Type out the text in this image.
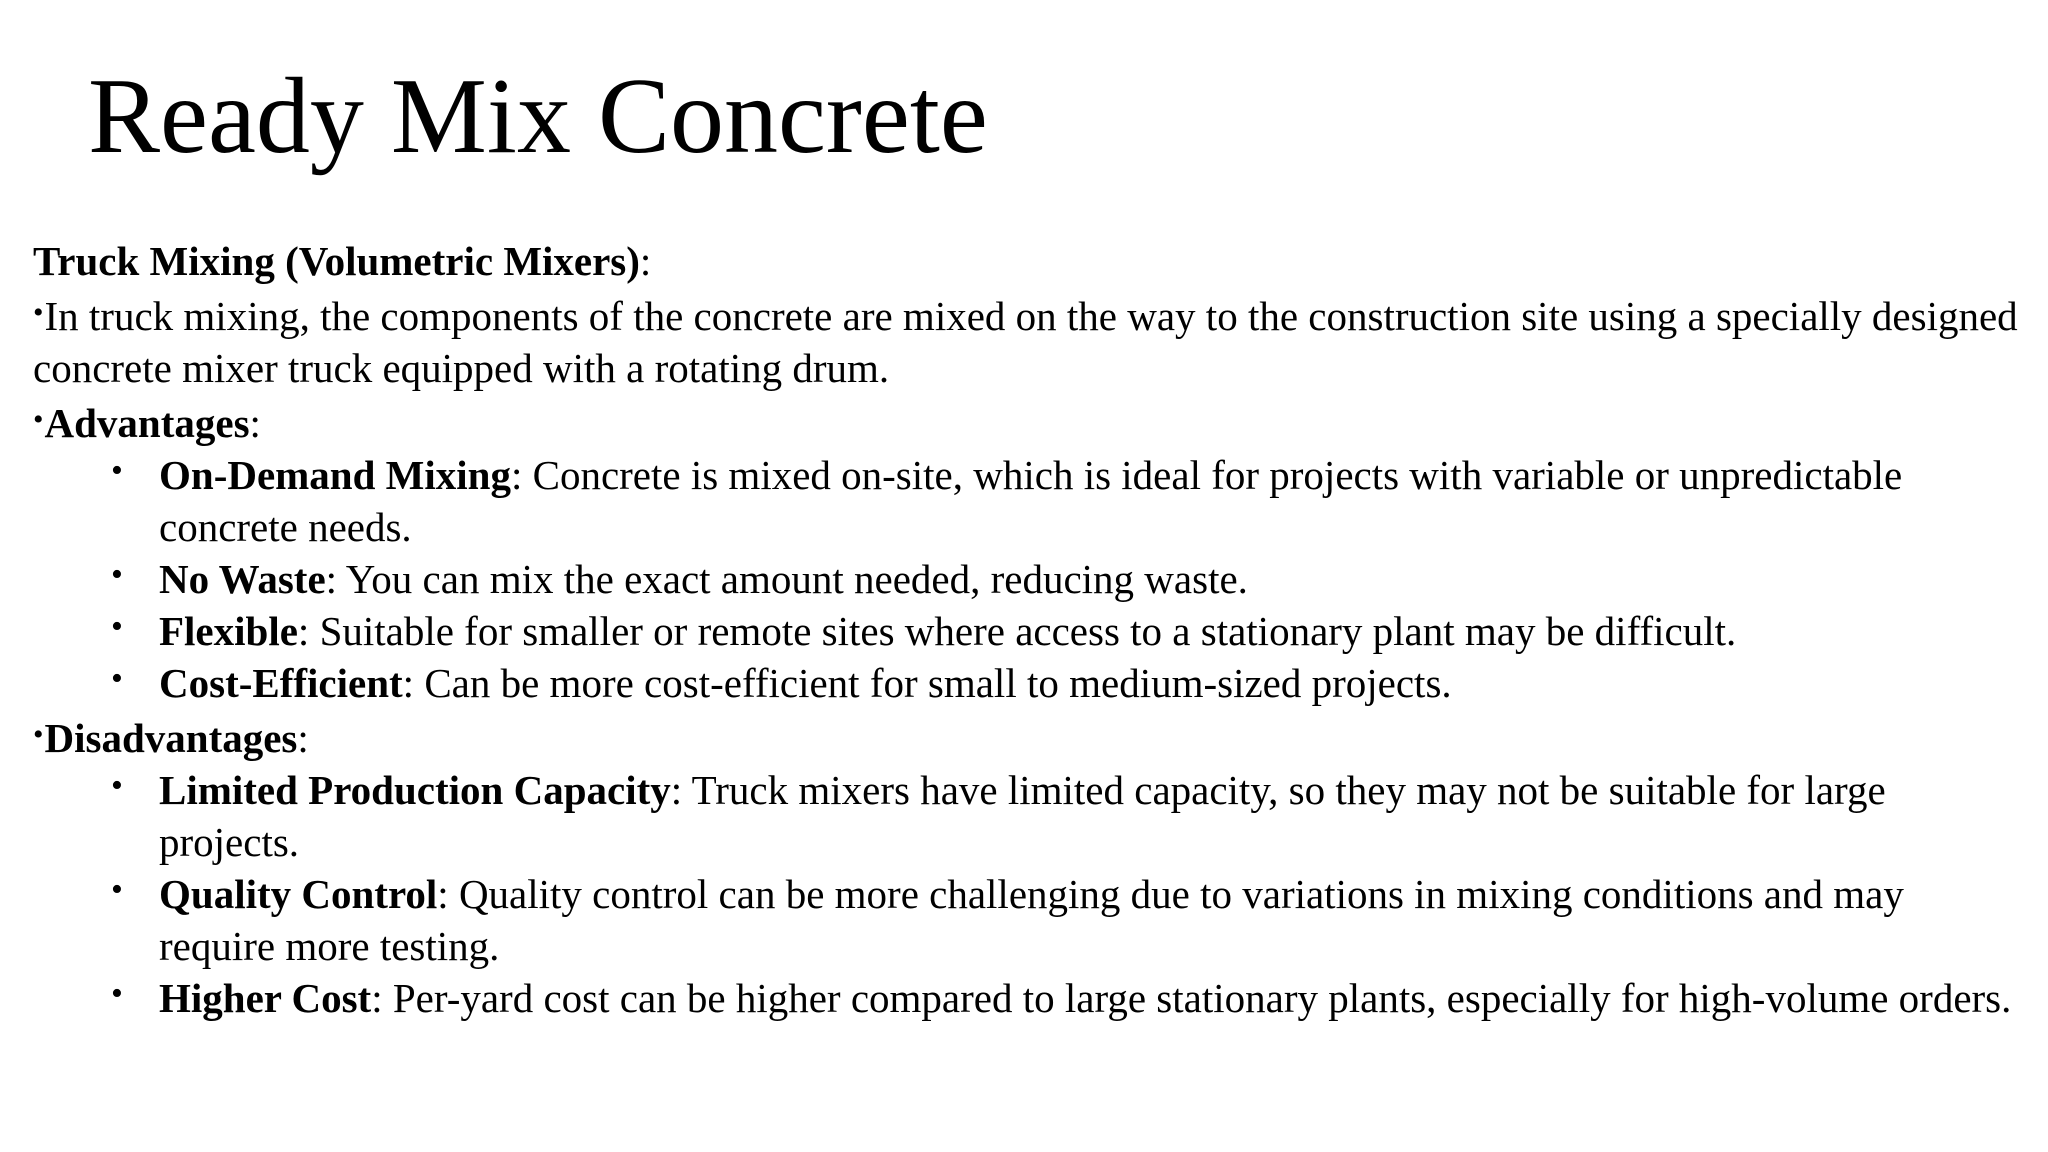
Ready Mix Concrete

Truck Mixing (Volumetric Mixers):

•In truck mixing, the components of the concrete are mixed on the way to the construction site using a specially designed concrete mixer truck equipped with a rotating drum.

•Advantages:

• On-Demand Mixing: Concrete is mixed on-site, which is ideal for projects with variable or unpredictable concrete needs.
• No Waste: You can mix the exact amount needed, reducing waste.
• Flexible: Suitable for smaller or remote sites where access to a stationary plant may be difficult.
• Cost-Efficient: Can be more cost-efficient for small to medium-sized projects.

•Disadvantages:

• Limited Production Capacity: Truck mixers have limited capacity, so they may not be suitable for large projects.
• Quality Control: Quality control can be more challenging due to variations in mixing conditions and may require more testing.
• Higher Cost: Per-yard cost can be higher compared to large stationary plants, especially for high-volume orders.
